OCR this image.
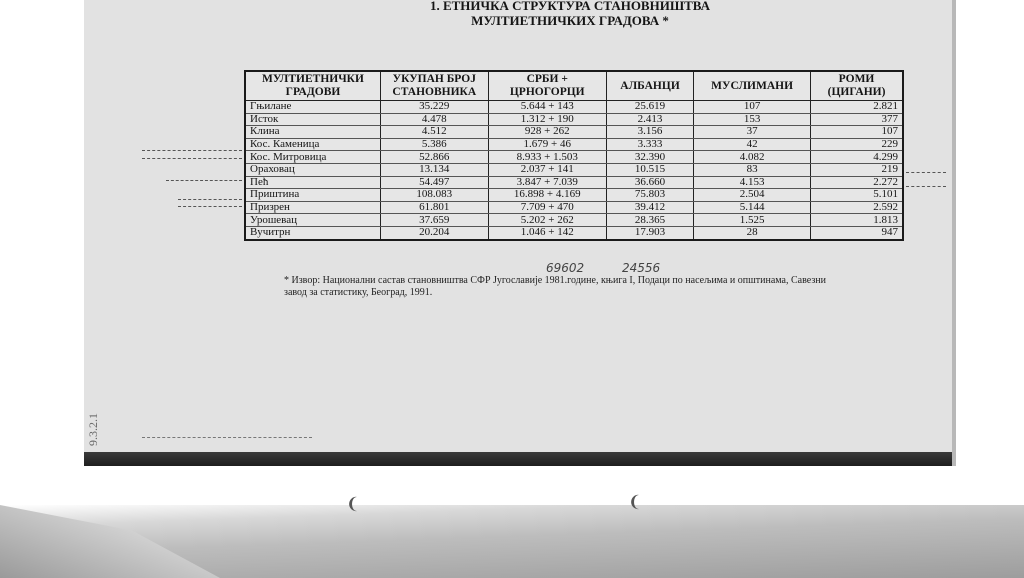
1. ЕТНИЧКА СТРУКТУРА СТАНОВНИШТВА
МУЛТИЕТНИЧКИХ ГРАДОВА *
МУЛТИЕТНИЧКИ ГРАДОВИ	УКУПАН БРОЈ СТАНОВНИКА	СРБИ + ЦРНОГОРЦИ	АЛБАНЦИ	МУСЛИМАНИ	РОМИ (ЦИГАНИ)
Гњилане	35.229	5.644 + 143	25.619	107	2.821
Исток	4.478	1.312 + 190	2.413	153	377
Клина	4.512	928 + 262	3.156	37	107
Кос. Каменица	5.386	1.679 + 46	3.333	42	229
Кос. Митровица	52.866	8.933 + 1.503	32.390	4.082	4.299
Ораховац	13.134	2.037 + 141	10.515	83	219
Пећ	54.497	3.847 + 7.039	36.660	4.153	2.272
Приштина	108.083	16.898 + 4.169	75.803	2.504	5.101
Призрен	61.801	7.709 + 470	39.412	5.144	2.592
Урошевац	37.659	5.202 + 262	28.365	1.525	1.813
Вучитрн	20.204	1.046 + 142	17.903	28	947
69602	24556
* Извор: Национални састав становништва СФР Југославије 1981.године, књига I, Подаци по насељима и општинама, Савезни завод за статистику, Београд, 1991.
9.3.2.1
❨	❨
